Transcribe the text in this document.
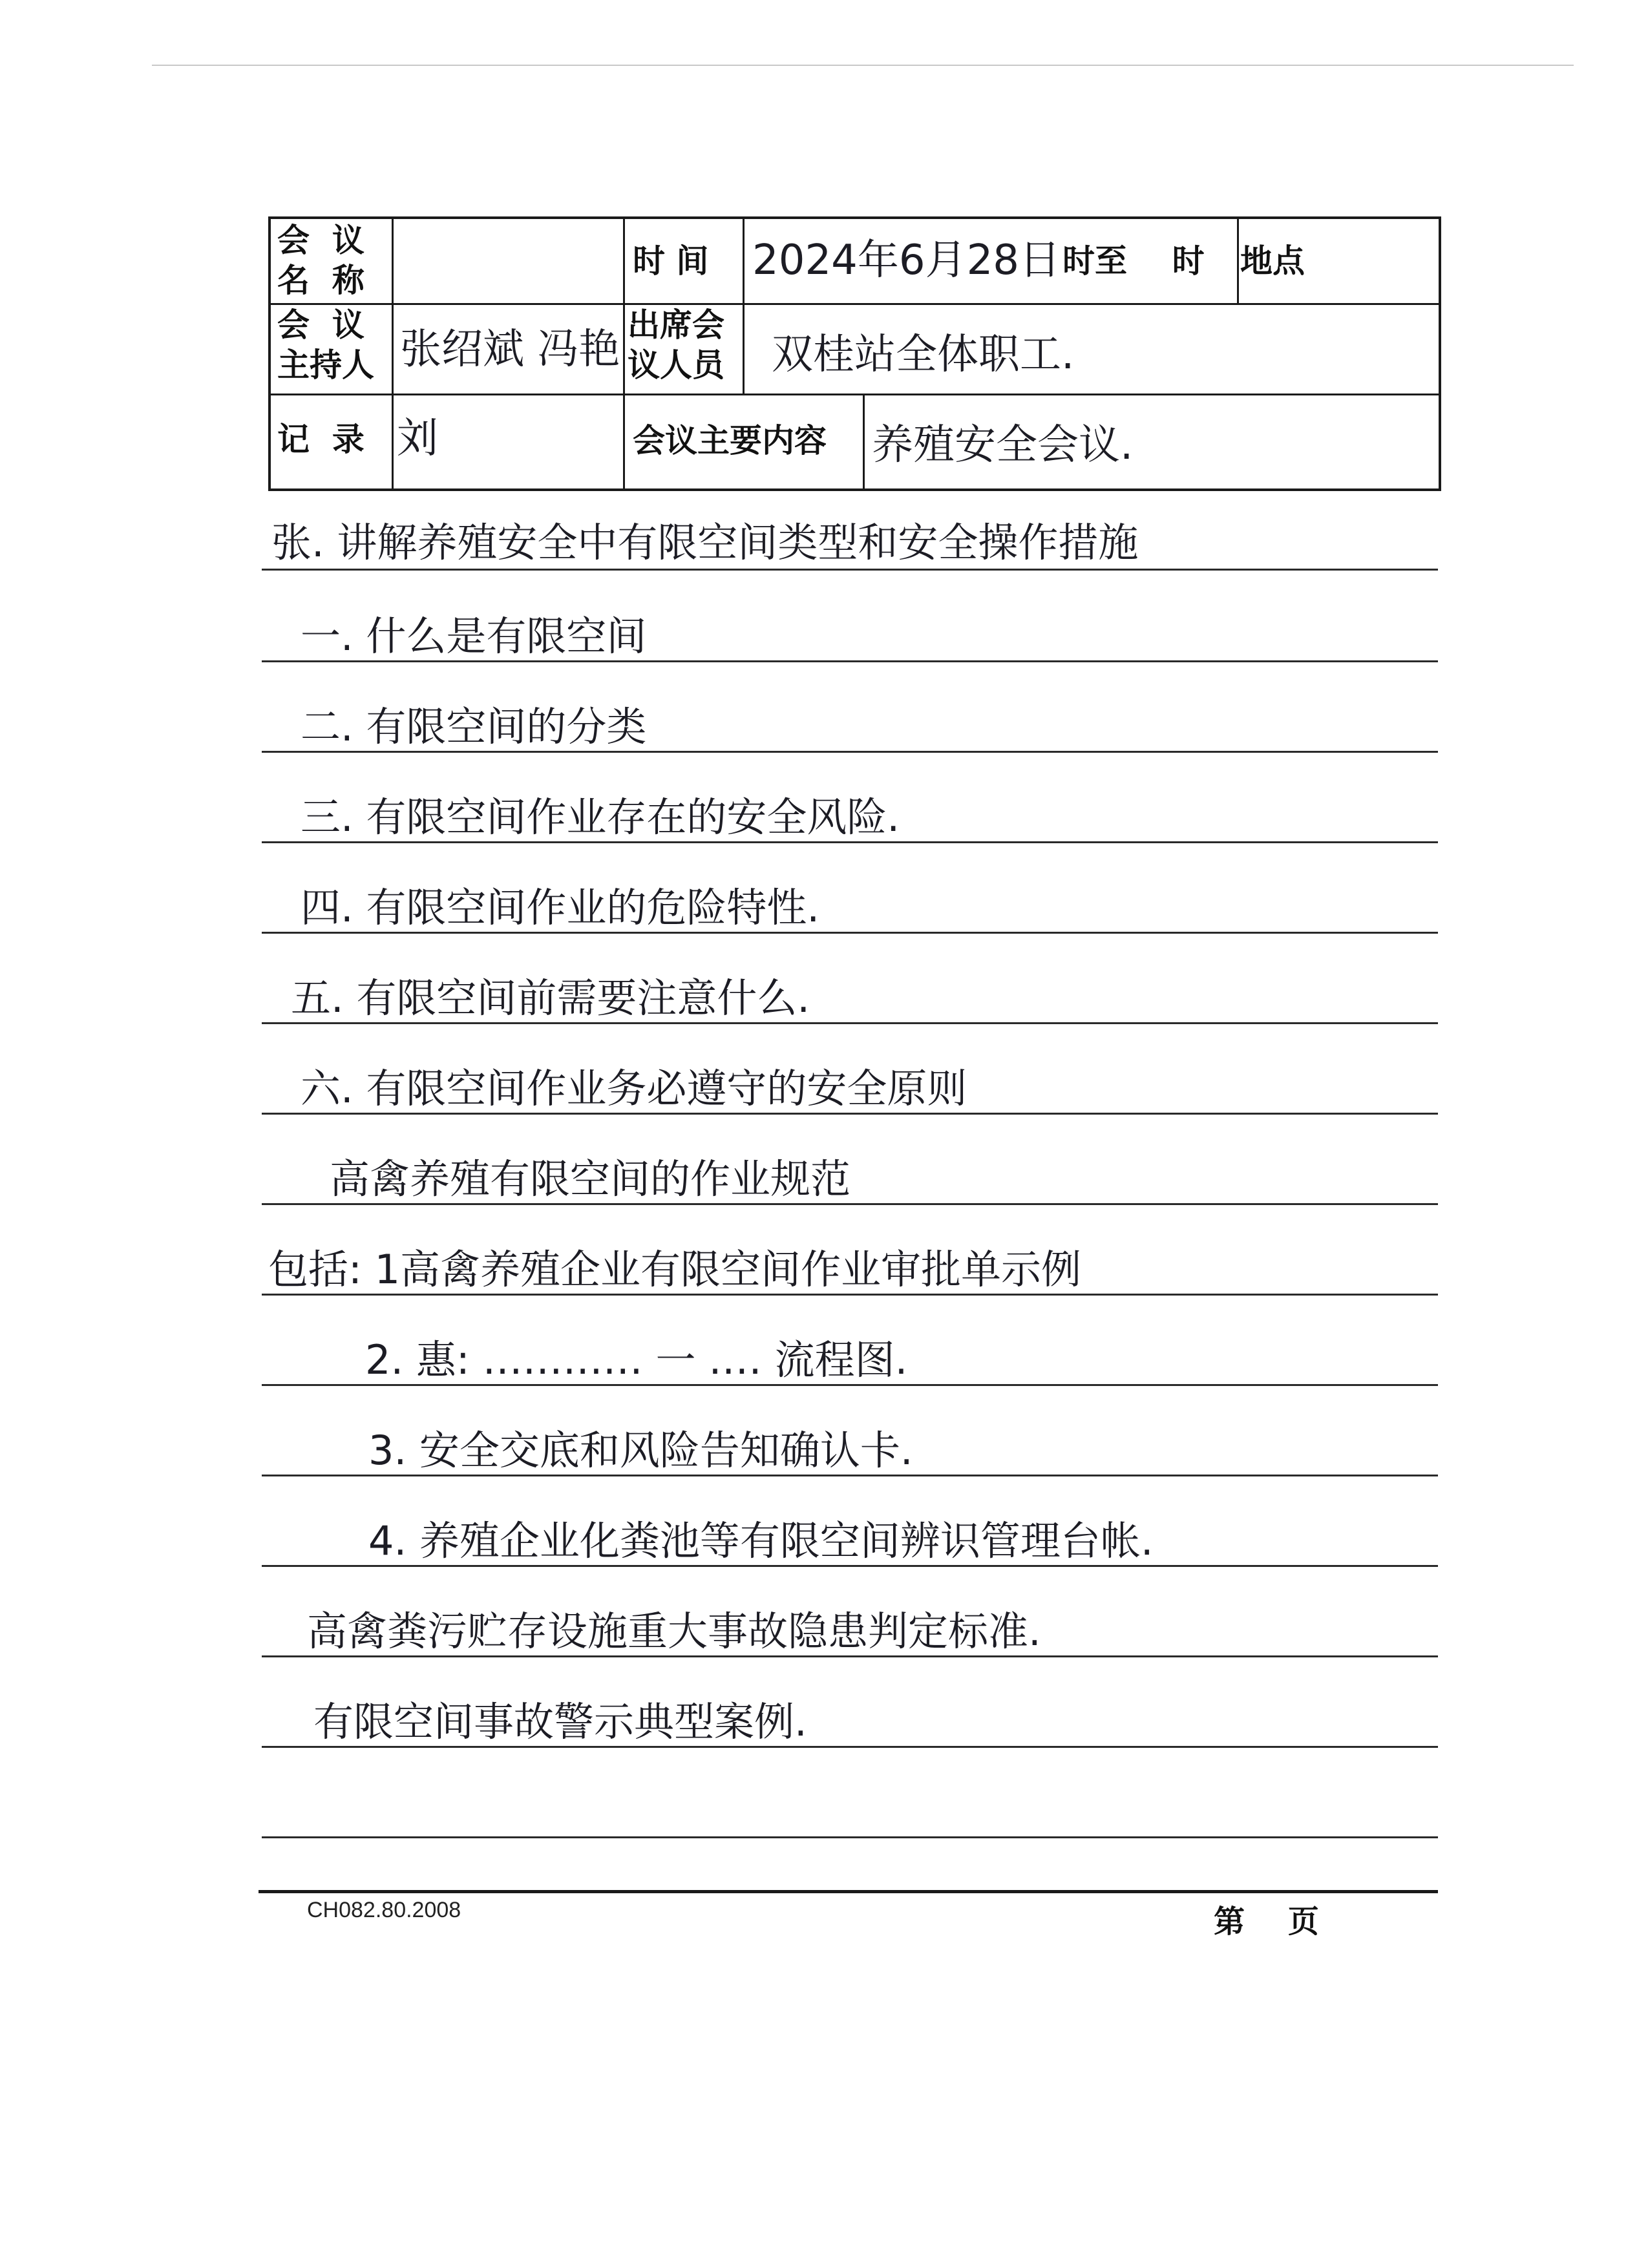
会  议
名  称
时 间 2024年6月28日 时至    时 地点
会  议
主持人 张绍斌 冯艳
出席会
议人员 双桂站全体职工.
记  录 刘	会议主要内容 养殖安全会议.
张. 讲解养殖安全中有限空间类型和安全操作措施
一. 什么是有限空间
二. 有限空间的分类
三. 有限空间作业存在的安全风险.
四. 有限空间作业的危险特性.
五. 有限空间前需要注意什么.
六. 有限空间作业务必遵守的安全原则
高禽养殖有限空间的作业规范
包括: 1高禽养殖企业有限空间作业审批单示例
2. 惠: ‥‥‥‥‥‥ 一 ‥‥ 流程图.
3. 安全交底和风险告知确认卡.
4. 养殖企业化粪池等有限空间辨识管理台帐.
高禽粪污贮存设施重大事故隐患判定标准.
有限空间事故警示典型案例.
CH082.80.2008	第    页
